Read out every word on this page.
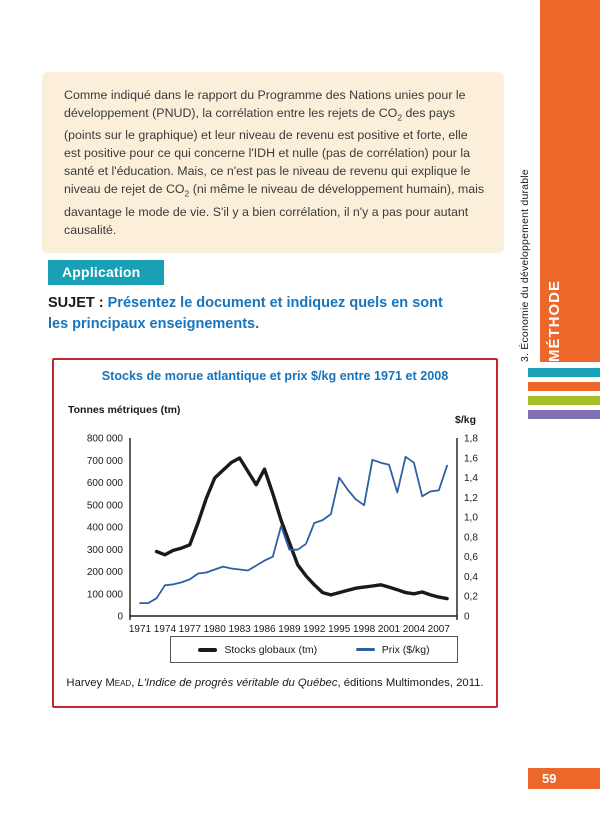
Comme indiqué dans le rapport du Programme des Nations unies pour le développement (PNUD), la corrélation entre les rejets de $CO_2$ des pays (points sur le graphique) et leur niveau de revenu est positive et forte, elle est positive pour ce qui concerne l'IDH et nulle (pas de corrélation) pour la santé et l'éducation. Mais, ce n'est pas le niveau de revenu qui explique le niveau de rejet de $CO_2$ (ni même le niveau de développement humain), mais davantage le mode de vie. S'il y a bien corrélation, il n'y a pas pour autant causalité.

Application
SUJET : Présentez le document et indiquez quels en sont
les principaux enseignements.
800 000
700 000
600 000
500 000
400 000
300 000
200 000
100 000
0
1,8
1,6
1,4
1,2
1,0
0,8
0,6
0,4
0,2
0
1971 1974 1977 1980 1983 1986 1989 1992 1995 1998 2001 2004 2007
Stocks de morue atlantique et prix $/kg entre 1971 et 2008
Tonnes métriques (tm)
$/kg
Stocks globaux (tm)	Prix ($/kg)
Harvey Mead, L'Indice de progrès véritable du Québec, éditions Multimondes, 2011.
3. Économie du développement durable MÉTHODE
59
